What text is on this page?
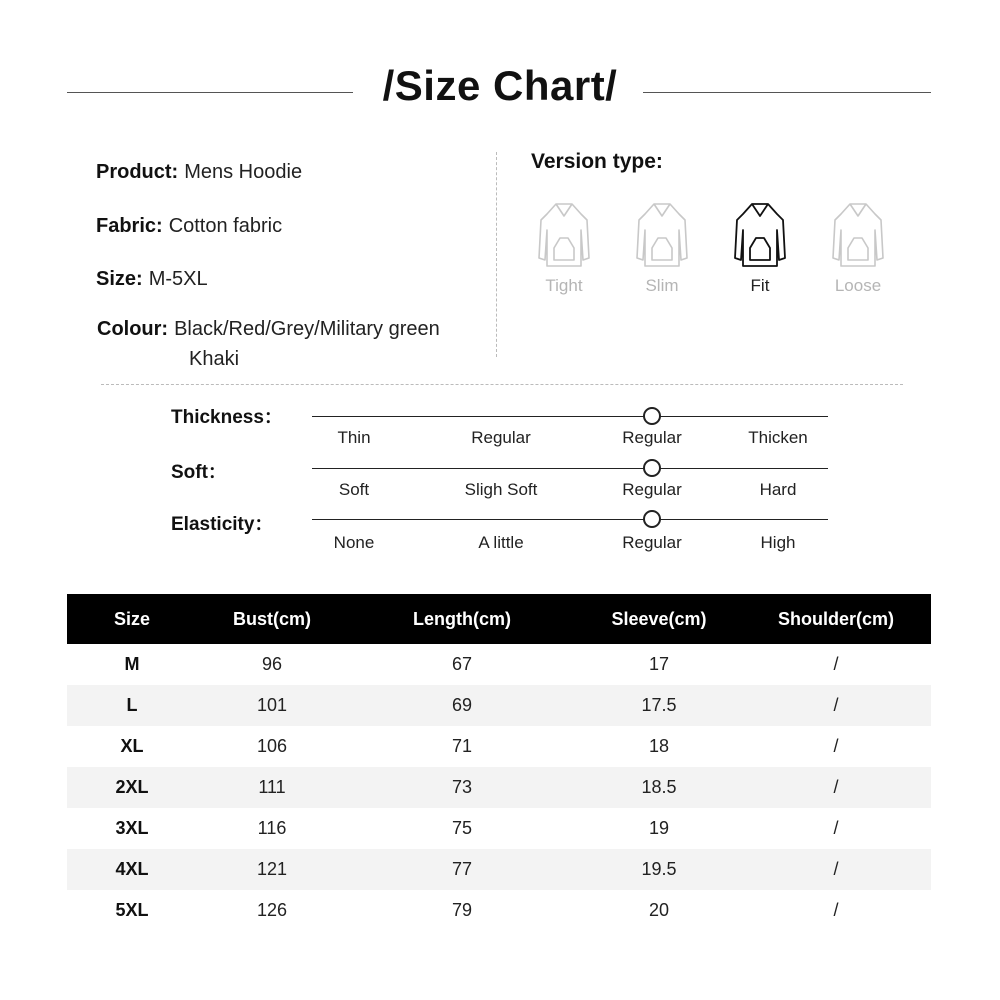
/Size Chart/
Product: Mens Hoodie
Fabric: Cotton fabric
Size: M-5XL
Colour: Black/Red/Grey/Military green
Khaki
Version type:
Tight	Slim	Fit	Loose
Thickness：
Thin	Regular	Regular	Thicken
Soft：
Soft	Sligh Soft	Regular	Hard
Elasticity：
None	A little	Regular	High
Size	Bust(cm)	Length(cm)	Sleeve(cm)	Shoulder(cm)
M	96	67	17	/
L	101	69	17.5	/
XL	106	71	18	/
2XL	111	73	18.5	/
3XL	116	75	19	/
4XL	121	77	19.5	/
5XL	126	79	20	/
